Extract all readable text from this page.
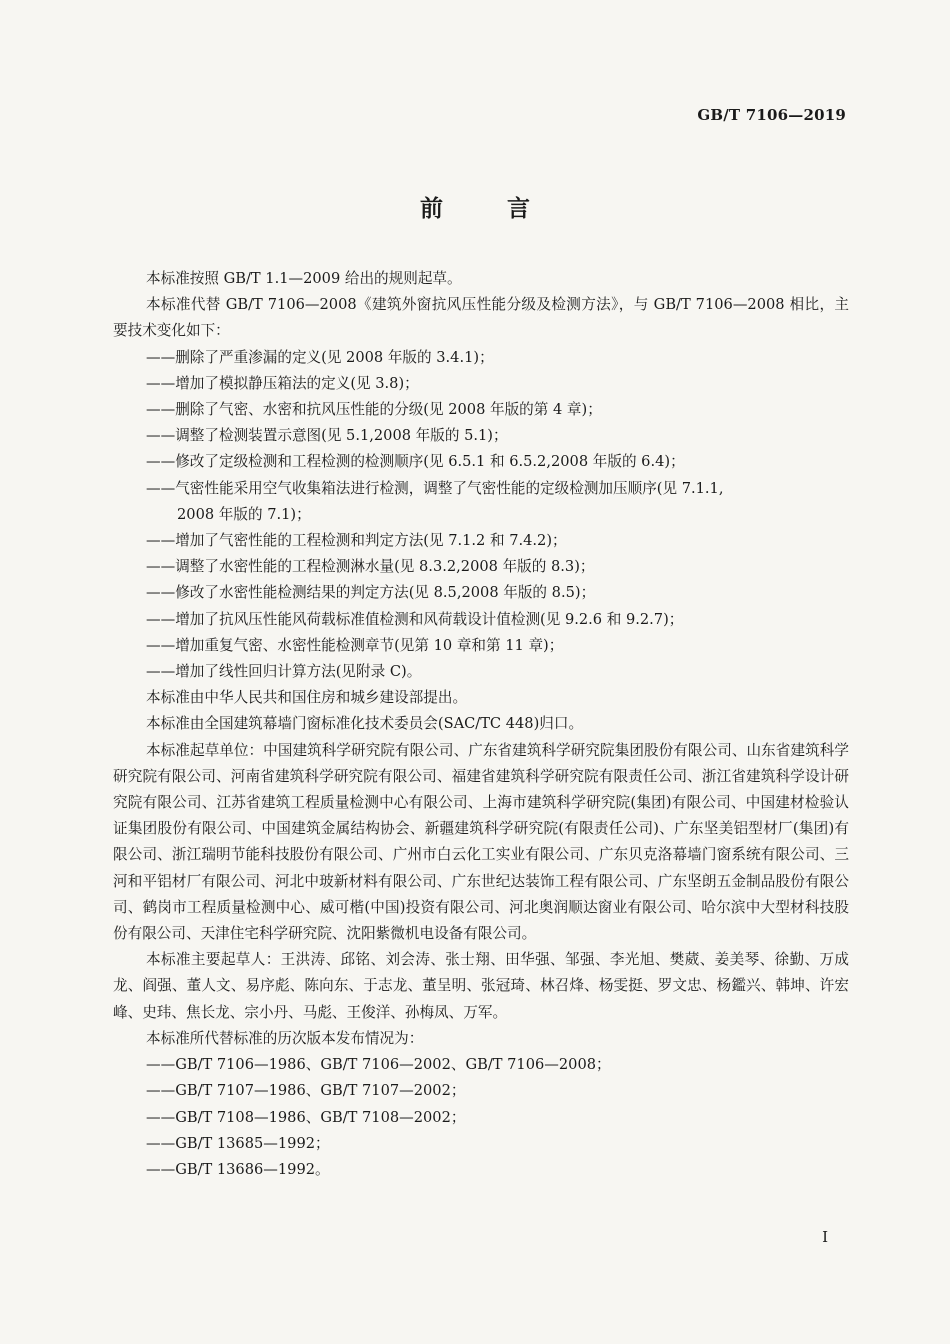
GB/T 7106—2019
前 言

本标准按照 GB/T 1.1—2009 给出的规则起草。

本标准代替 GB/T 7106—2008《建筑外窗抗风压性能分级及检测方法》，与 GB/T 7106—2008 相比，主要技术变化如下：

——删除了严重渗漏的定义(见 2008 年版的 3.4.1)；

——增加了模拟静压箱法的定义(见 3.8)；

——删除了气密、水密和抗风压性能的分级(见 2008 年版的第 4 章)；

——调整了检测装置示意图(见 5.1,2008 年版的 5.1)；

——修改了定级检测和工程检测的检测顺序(见 6.5.1 和 6.5.2,2008 年版的 6.4)；

——气密性能采用空气收集箱法进行检测，调整了气密性能的定级检测加压顺序(见 7.1.1,

2008 年版的 7.1)；

——增加了气密性能的工程检测和判定方法(见 7.1.2 和 7.4.2)；

——调整了水密性能的工程检测淋水量(见 8.3.2,2008 年版的 8.3)；

——修改了水密性能检测结果的判定方法(见 8.5,2008 年版的 8.5)；

——增加了抗风压性能风荷载标准值检测和风荷载设计值检测(见 9.2.6 和 9.2.7)；

——增加重复气密、水密性能检测章节(见第 10 章和第 11 章)；

——增加了线性回归计算方法(见附录 C)。

本标准由中华人民共和国住房和城乡建设部提出。

本标准由全国建筑幕墙门窗标准化技术委员会(SAC/TC 448)归口。

本标准起草单位：中国建筑科学研究院有限公司、广东省建筑科学研究院集团股份有限公司、山东省建筑科学研究院有限公司、河南省建筑科学研究院有限公司、福建省建筑科学研究院有限责任公司、浙江省建筑科学设计研究院有限公司、江苏省建筑工程质量检测中心有限公司、上海市建筑科学研究院(集团)有限公司、中国建材检验认证集团股份有限公司、中国建筑金属结构协会、新疆建筑科学研究院(有限责任公司)、广东坚美铝型材厂(集团)有限公司、浙江瑞明节能科技股份有限公司、广州市白云化工实业有限公司、广东贝克洛幕墙门窗系统有限公司、三河和平铝材厂有限公司、河北中玻新材料有限公司、广东世纪达装饰工程有限公司、广东坚朗五金制品股份有限公司、鹤岗市工程质量检测中心、威可楷(中国)投资有限公司、河北奥润顺达窗业有限公司、哈尔滨中大型材科技股份有限公司、天津住宅科学研究院、沈阳紫微机电设备有限公司。

本标准主要起草人：王洪涛、邱铭、刘会涛、张士翔、田华强、邹强、李光旭、樊葳、姜美琴、徐勤、万成龙、阎强、董人文、易序彪、陈向东、于志龙、董呈明、张冠琦、林召烽、杨雯挺、罗文忠、杨鑑兴、韩坤、许宏峰、史玮、焦长龙、宗小丹、马彪、王俊洋、孙梅凤、万军。

本标准所代替标准的历次版本发布情况为：

——GB/T 7106—1986、GB/T 7106—2002、GB/T 7106—2008；

——GB/T 7107—1986、GB/T 7107—2002；

——GB/T 7108—1986、GB/T 7108—2002；

——GB/T 13685—1992；

——GB/T 13686—1992。

I
